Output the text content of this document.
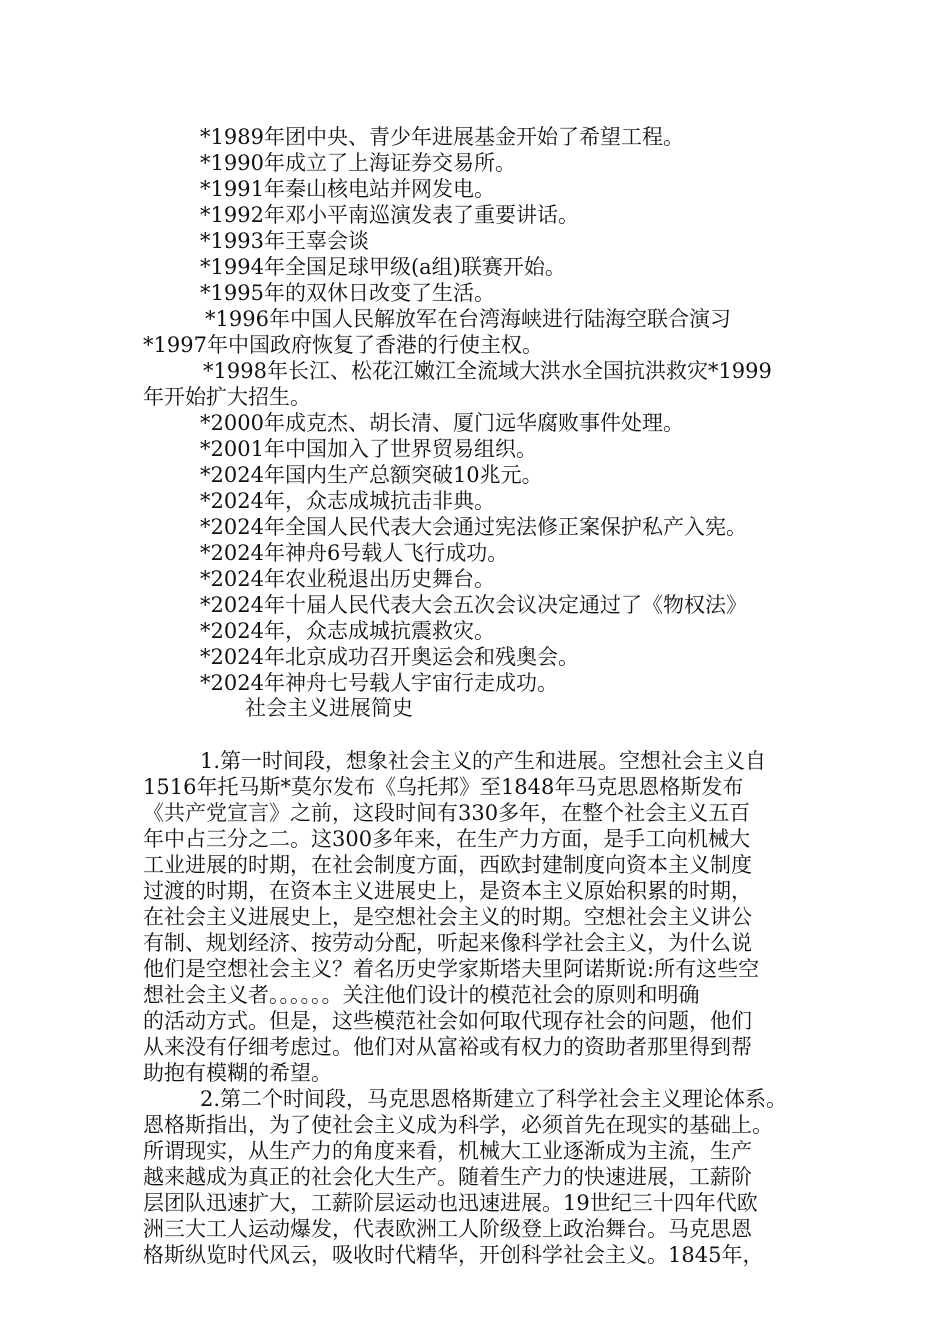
*1989年团中央、青少年进展基金开始了希望工程。
*1990年成立了上海证券交易所。
*1991年秦山核电站并网发电。
*1992年邓小平南巡演发表了重要讲话。
*1993年王辜会谈
*1994年全国足球甲级(a组)联赛开始。
*1995年的双休日改变了生活。
*1996年中国人民解放军在台湾海峡进行陆海空联合演习
*1997年中国政府恢复了香港的行使主权。
*1998年长江、松花江嫩江全流域大洪水全国抗洪救灾*1999
年开始扩大招生。
*2000年成克杰、胡长清、厦门远华腐败事件处理。
*2001年中国加入了世界贸易组织。
*2024年国内生产总额突破10兆元。
*2024年，众志成城抗击非典。
*2024年全国人民代表大会通过宪法修正案保护私产入宪。
*2024年神舟6号载人飞行成功。
*2024年农业税退出历史舞台。
*2024年十届人民代表大会五次会议决定通过了《物权法》
*2024年，众志成城抗震救灾。
*2024年北京成功召开奥运会和残奥会。
*2024年神舟七号载人宇宙行走成功。
社会主义进展简史
1.第一时间段，想象社会主义的产生和进展。空想社会主义自
1516年托马斯*莫尔发布《乌托邦》至1848年马克思恩格斯发布
《共产党宣言》之前，这段时间有330多年，在整个社会主义五百
年中占三分之二。这300多年来，在生产力方面，是手工向机械大
工业进展的时期，在社会制度方面，西欧封建制度向资本主义制度
过渡的时期，在资本主义进展史上，是资本主义原始积累的时期，
在社会主义进展史上，是空想社会主义的时期。空想社会主义讲公
有制、规划经济、按劳动分配，听起来像科学社会主义，为什么说
他们是空想社会主义？着名历史学家斯塔夫里阿诺斯说:所有这些空
想社会主义者。。。。。。关注他们设计的模范社会的原则和明确
的活动方式。但是，这些模范社会如何取代现存社会的问题，他们
从来没有仔细考虑过。他们对从富裕或有权力的资助者那里得到帮
助抱有模糊的希望。
2.第二个时间段，马克思恩格斯建立了科学社会主义理论体系。
恩格斯指出，为了使社会主义成为科学，必须首先在现实的基础上。
所谓现实，从生产力的角度来看，机械大工业逐渐成为主流，生产
越来越成为真正的社会化大生产。随着生产力的快速进展，工薪阶
层团队迅速扩大，工薪阶层运动也迅速进展。19世纪三十四年代欧
洲三大工人运动爆发，代表欧洲工人阶级登上政治舞台。马克思恩
格斯纵览时代风云，吸收时代精华，开创科学社会主义。1845年，
